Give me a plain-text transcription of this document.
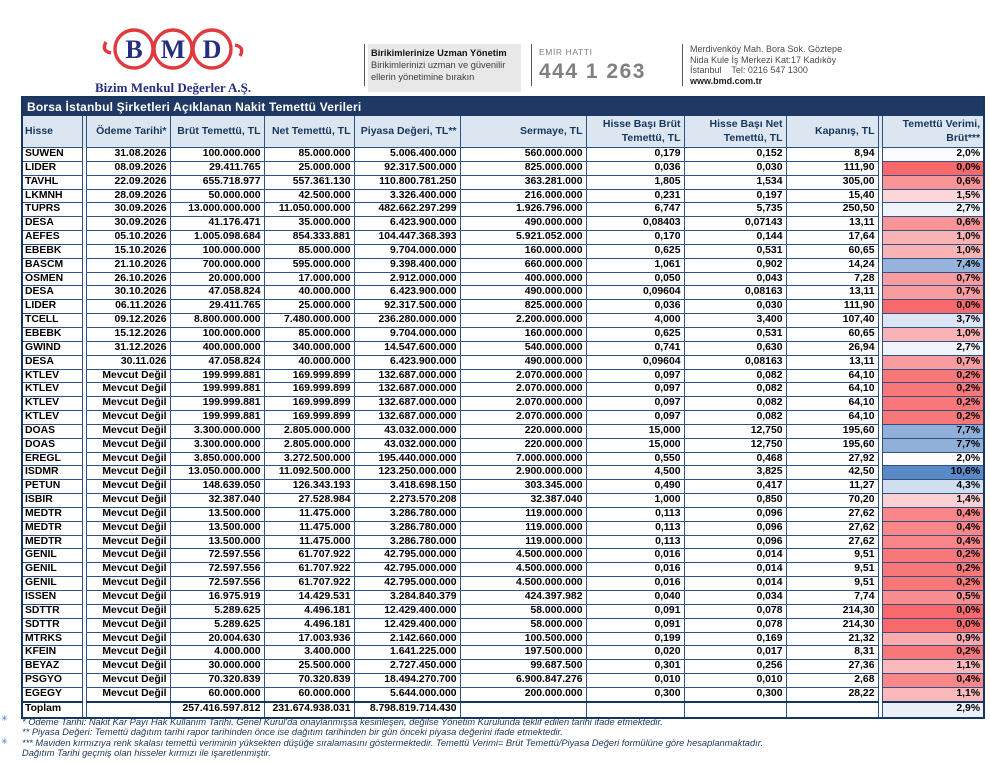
B M D
Bizim Menkul Değerler A.Ş.
Birikimlerinize Uzman Yönetim
Birikimlerinizi uzman ve güvenilir
ellerin yönetimine bırakın
EMİR HATTI
444 1 263
Merdivenköy Mah. Bora Sok. Göztepe
Nida Kule İş Merkezi Kat:17 Kadıköy
İstanbul    Tel: 0216 547 1300
www.bmd.com.tr
Borsa İstanbul Şirketleri Açıklanan Nakit Temettü Verileri											
Hisse		Ödeme Tarihi*	Brüt Temettü, TL	Net Temettü, TL	Piyasa Değeri, TL**	Sermaye, TL	Hisse Başı Brüt Temettü, TL	Hisse Başı Net Temettü, TL	Kapanış, TL		Temettü Verimi, Brüt***
SUWEN		31.08.2026	100.000.000	85.000.000	5.006.400.000	560.000.000	0,179	0,152	8,94		2,0%
LIDER		08.09.2026	29.411.765	25.000.000	92.317.500.000	825.000.000	0,036	0,030	111,90		0,0%
TAVHL		22.09.2026	655.718.977	557.361.130	110.800.781.250	363.281.000	1,805	1,534	305,00		0,6%
LKMNH		28.09.2026	50.000.000	42.500.000	3.326.400.000	216.000.000	0,231	0,197	15,40		1,5%
TUPRS		30.09.2026	13.000.000.000	11.050.000.000	482.662.297.299	1.926.796.000	6,747	5,735	250,50		2,7%
DESA		30.09.2026	41.176.471	35.000.000	6.423.900.000	490.000.000	0,08403	0,07143	13,11		0,6%
AEFES		05.10.2026	1.005.098.684	854.333.881	104.447.368.393	5.921.052.000	0,170	0,144	17,64		1,0%
EBEBK		15.10.2026	100.000.000	85.000.000	9.704.000.000	160.000.000	0,625	0,531	60,65		1,0%
BASCM		21.10.2026	700.000.000	595.000.000	9.398.400.000	660.000.000	1,061	0,902	14,24		7,4%
OSMEN		26.10.2026	20.000.000	17.000.000	2.912.000.000	400.000.000	0,050	0,043	7,28		0,7%
DESA		30.10.2026	47.058.824	40.000.000	6.423.900.000	490.000.000	0,09604	0,08163	13,11		0,7%
LIDER		06.11.2026	29.411.765	25.000.000	92.317.500.000	825.000.000	0,036	0,030	111,90		0,0%
TCELL		09.12.2026	8.800.000.000	7.480.000.000	236.280.000.000	2.200.000.000	4,000	3,400	107,40		3,7%
EBEBK		15.12.2026	100.000.000	85.000.000	9.704.000.000	160.000.000	0,625	0,531	60,65		1,0%
GWIND		31.12.2026	400.000.000	340.000.000	14.547.600.000	540.000.000	0,741	0,630	26,94		2,7%
DESA		30.11.026	47.058.824	40.000.000	6.423.900.000	490.000.000	0,09604	0,08163	13,11		0,7%
KTLEV		Mevcut Değil	199.999.881	169.999.899	132.687.000.000	2.070.000.000	0,097	0,082	64,10		0,2%
KTLEV		Mevcut Değil	199.999.881	169.999.899	132.687.000.000	2.070.000.000	0,097	0,082	64,10		0,2%
KTLEV		Mevcut Değil	199.999.881	169.999.899	132.687.000.000	2.070.000.000	0,097	0,082	64,10		0,2%
KTLEV		Mevcut Değil	199.999.881	169.999.899	132.687.000.000	2.070.000.000	0,097	0,082	64,10		0,2%
DOAS		Mevcut Değil	3.300.000.000	2.805.000.000	43.032.000.000	220.000.000	15,000	12,750	195,60		7,7%
DOAS		Mevcut Değil	3.300.000.000	2.805.000.000	43.032.000.000	220.000.000	15,000	12,750	195,60		7,7%
EREGL		Mevcut Değil	3.850.000.000	3.272.500.000	195.440.000.000	7.000.000.000	0,550	0,468	27,92		2,0%
ISDMR		Mevcut Değil	13.050.000.000	11.092.500.000	123.250.000.000	2.900.000.000	4,500	3,825	42,50		10,6%
PETUN		Mevcut Değil	148.639.050	126.343.193	3.418.698.150	303.345.000	0,490	0,417	11,27		4,3%
ISBIR		Mevcut Değil	32.387.040	27.528.984	2.273.570.208	32.387.040	1,000	0,850	70,20		1,4%
MEDTR		Mevcut Değil	13.500.000	11.475.000	3.286.780.000	119.000.000	0,113	0,096	27,62		0,4%
MEDTR		Mevcut Değil	13.500.000	11.475.000	3.286.780.000	119.000.000	0,113	0,096	27,62		0,4%
MEDTR		Mevcut Değil	13.500.000	11.475.000	3.286.780.000	119.000.000	0,113	0,096	27,62		0,4%
GENIL		Mevcut Değil	72.597.556	61.707.922	42.795.000.000	4.500.000.000	0,016	0,014	9,51		0,2%
GENIL		Mevcut Değil	72.597.556	61.707.922	42.795.000.000	4.500.000.000	0,016	0,014	9,51		0,2%
GENIL		Mevcut Değil	72.597.556	61.707.922	42.795.000.000	4.500.000.000	0,016	0,014	9,51		0,2%
ISSEN		Mevcut Değil	16.975.919	14.429.531	3.284.840.379	424.397.982	0,040	0,034	7,74		0,5%
SDTTR		Mevcut Değil	5.289.625	4.496.181	12.429.400.000	58.000.000	0,091	0,078	214,30		0,0%
SDTTR		Mevcut Değil	5.289.625	4.496.181	12.429.400.000	58.000.000	0,091	0,078	214,30		0,0%
MTRKS		Mevcut Değil	20.004.630	17.003.936	2.142.660.000	100.500.000	0,199	0,169	21,32		0,9%
KFEIN		Mevcut Değil	4.000.000	3.400.000	1.641.225.000	197.500.000	0,020	0,017	8,31		0,2%
BEYAZ		Mevcut Değil	30.000.000	25.500.000	2.727.450.000	99.687.500	0,301	0,256	27,36		1,1%
PSGYO		Mevcut Değil	70.320.839	70.320.839	18.494.270.700	6.900.847.276	0,010	0,010	2,68		0,4%
EGEGY		Mevcut Değil	60.000.000	60.000.000	5.644.000.000	200.000.000	0,300	0,300	28,22		1,1%
Toplam			257.416.597.812	231.674.938.031	8.798.819.714.430						2,9%
* Ödeme Tarihi: Nakit Kar Payı Hak Kullanım Tarihi. Genel Kurul'da onaylanmışsa kesinleşen, değilse Yönetim Kurulunda teklif edilen tarihi ifade etmektedir.
** Piyasa Değeri: Temettü dağıtım tarihi rapor tarihinden önce ise dağıtım tarihinden bir gün önceki piyasa değerini ifade etmektedir.
*** Maviden kırmızıya renk skalası temettü veriminin yüksekten düşüğe sıralamasını göstermektedir. Temettü Verimi= Brüt Temettü/Piyasa Değeri formülüne göre hesaplanmaktadır.
Dağıtım Tarihi geçmiş olan hisseler kırmızı ile işaretlenmiştir.
✳
✳
